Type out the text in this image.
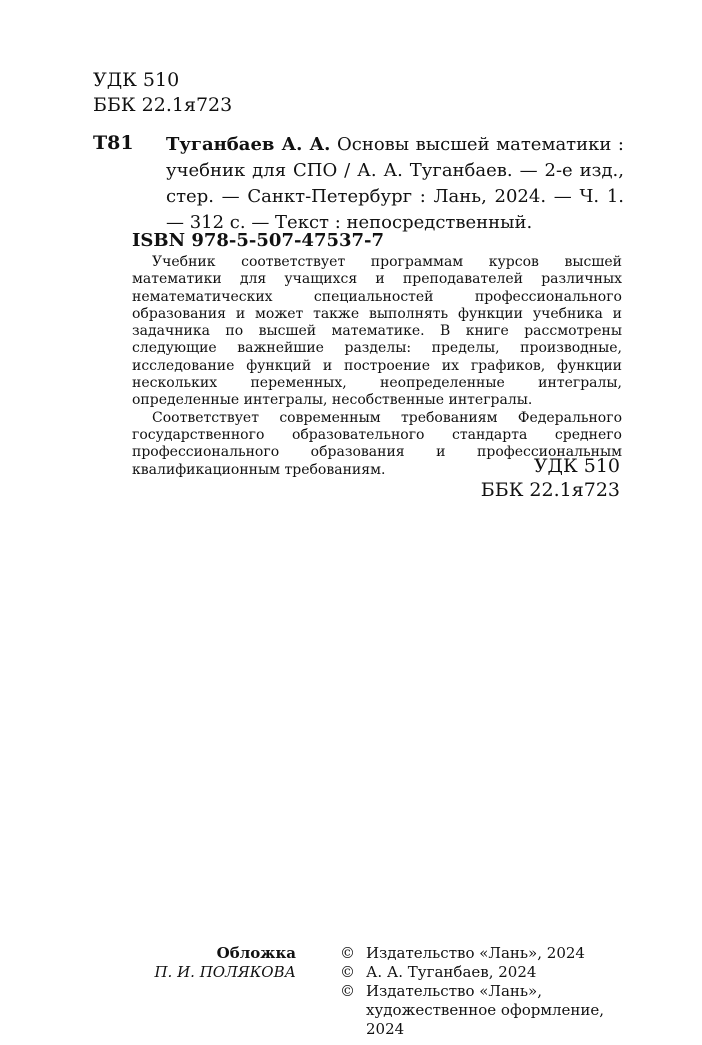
УДК 510
ББК 22.1я723
Т81 Туганбаев А. А. Основы высшей математики : учебник для СПО / А. А. Туганбаев. — 2-е изд., стер. — Санкт-Петербург : Лань, 2024. — Ч. 1. — 312 с. — Текст : непосредственный.
ISBN 978-5-507-47537-7

Учебник соответствует программам курсов высшей математики для учащихся и преподавателей различных нематематических специальностей профессионального образования и может также выполнять функции учебника и задачника по высшей математике. В книге рассмотрены следующие важнейшие разделы: пределы, производные, исследование функций и построение их графиков, функции нескольких переменных, неопределенные интегралы, определенные интегралы, несобственные интегралы.

Соответствует современным требованиям Федерального государственного образовательного стандарта среднего профессионального образования и профессиональным квалификационным требованиям.	УДК 510
ББК 22.1я723
Обложка
П. И. ПОЛЯКОВА
© Издательство «Лань», 2024
© А. А. Туганбаев, 2024
© Издательство «Лань»,
художественное оформление, 2024
